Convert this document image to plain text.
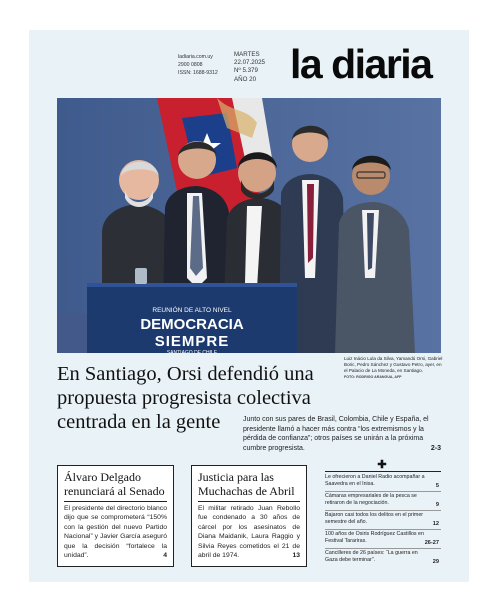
ladiaria.com.uy
2900 0808
ISSN: 1688-9312
MARTES
22.07.2025
Nº 5.379
AÑO 20 la diaria
REUNIÓN DE ALTO NIVEL
DEMOCRACIA
SIEMPRE
SANTIAGO DE CHILE
Luiz Inácio Lula da Silva, Yamandú Orsi, Gabriel Boric, Pedro Sánchez y Gustavo Petro, ayer, en el Palacio de La Moneda, en Santiago.
FOTO: RODRIGO ARANGUA, AFP
En Santiago, Orsi defendió una propuesta progresista colectiva centrada en la gente	Junto con sus pares de Brasil, Colombia, Chile y España, el presidente llamó a hacer más contra “los extremismos y la pérdida de confianza”; otros países se unirán a la próxima cumbre progresista.	2-3
Álvaro Delgado renunciará al Senado

El presidente del directorio blanco dijo que se comprometerá “150% con la gestión del nuevo Partido Nacional” y Javier García aseguró que la decisión “fortalece la unidad”.	4

Justicia para las Muchachas de Abril

El militar retirado Juan Rebollo fue condenado a 30 años de cárcel por los asesinatos de Diana Maidanik, Laura Raggio y Silvia Reyes cometidos el 21 de abril de 1974.	13

✚
Le ofrecieron a Daniel Radio acompañar a Saavedra en el Inisa.	5
Cámaras empresariales de la pesca se retiraron de la negociación.	9
Bajaron casi todos los delitos en el primer semestre del año.	12
100 años de Osiris Rodríguez Castillos en Festival Tarariras.	26-27
Cancilleres de 26 países: “La guerra en Gaza debe terminar”.	29
